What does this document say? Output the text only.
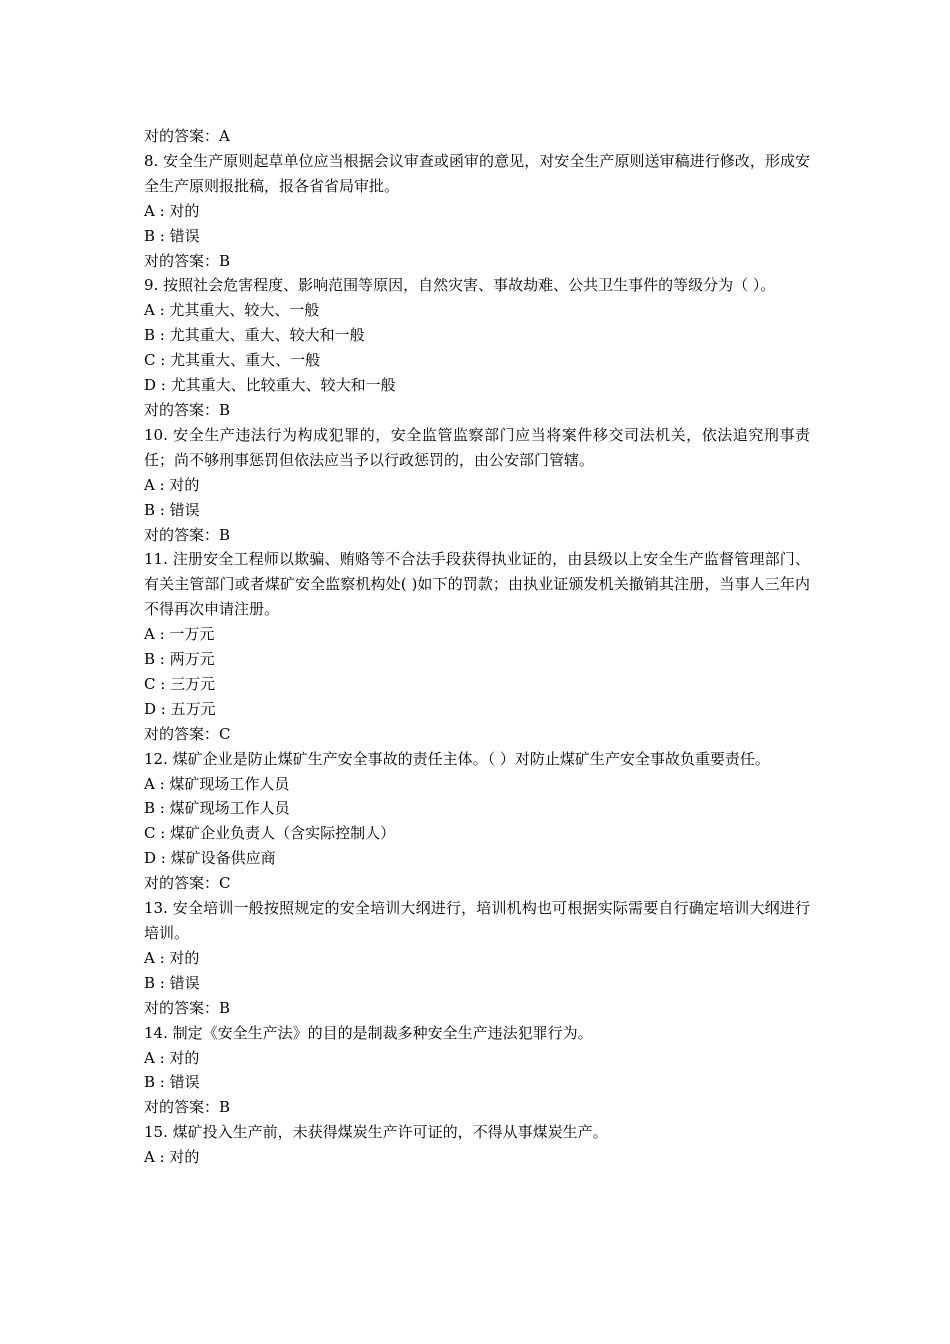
对的答案：A
8. 安全生产原则起草单位应当根据会议审查或函审的意见，对安全生产原则送审稿进行修改，形成安全生产原则报批稿，报各省省局审批。
A : 对的
B : 错误
对的答案：B
9. 按照社会危害程度、影响范围等原因，自然灾害、事故劫难、公共卫生事件的等级分为（ ）。
A : 尤其重大、较大、一般
B : 尤其重大、重大、较大和一般
C : 尤其重大、重大、一般
D : 尤其重大、比较重大、较大和一般
对的答案：B
10. 安全生产违法行为构成犯罪的，安全监管监察部门应当将案件移交司法机关，依法追究刑事责任；尚不够刑事惩罚但依法应当予以行政惩罚的，由公安部门管辖。
A : 对的
B : 错误
对的答案：B
11. 注册安全工程师以欺骗、贿赂等不合法手段获得执业证的，由县级以上安全生产监督管理部门、有关主管部门或者煤矿安全监察机构处( )如下的罚款；由执业证颁发机关撤销其注册，当事人三年内不得再次申请注册。
A : 一万元
B : 两万元
C : 三万元
D : 五万元
对的答案：C
12. 煤矿企业是防止煤矿生产安全事故的责任主体。（ ）对防止煤矿生产安全事故负重要责任。
A : 煤矿现场工作人员
B : 煤矿现场工作人员
C : 煤矿企业负责人（含实际控制人）
D : 煤矿设备供应商
对的答案：C
13. 安全培训一般按照规定的安全培训大纲进行，培训机构也可根据实际需要自行确定培训大纲进行培训。
A : 对的
B : 错误
对的答案：B
14. 制定《安全生产法》的目的是制裁多种安全生产违法犯罪行为。
A : 对的
B : 错误
对的答案：B
15. 煤矿投入生产前，未获得煤炭生产许可证的，不得从事煤炭生产。
A : 对的
